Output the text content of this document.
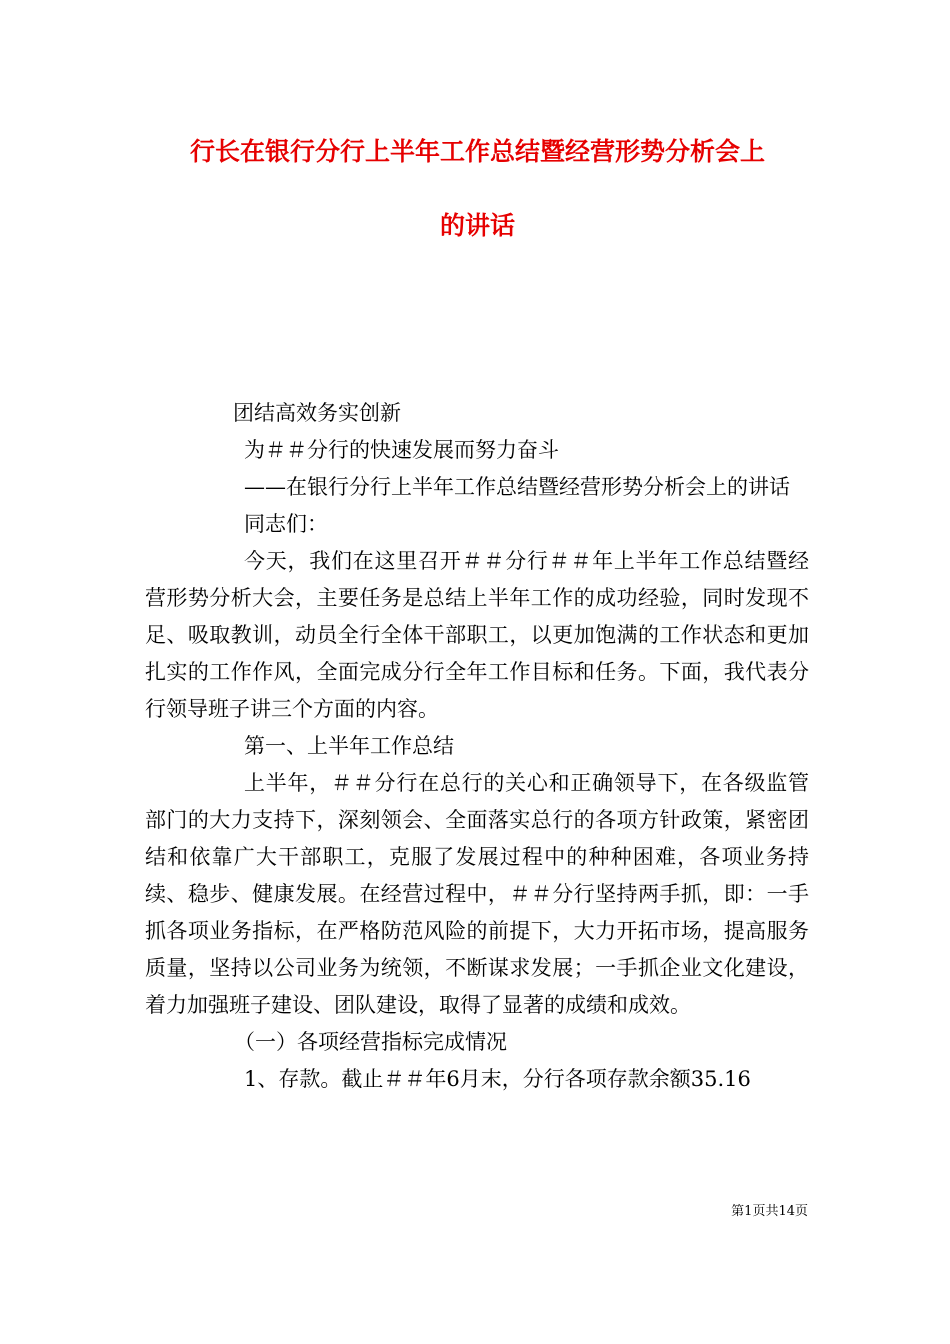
行长在银行分行上半年工作总结暨经营形势分析会上
的讲话

团结高效务实创新

为＃＃分行的快速发展而努力奋斗

——在银行分行上半年工作总结暨经营形势分析会上的讲话

同志们：

今天，我们在这里召开＃＃分行＃＃年上半年工作总结暨经营形势分析大会，主要任务是总结上半年工作的成功经验，同时发现不足、吸取教训，动员全行全体干部职工，以更加饱满的工作状态和更加扎实的工作作风，全面完成分行全年工作目标和任务。下面，我代表分行领导班子讲三个方面的内容。

第一、上半年工作总结

上半年，＃＃分行在总行的关心和正确领导下，在各级监管部门的大力支持下，深刻领会、全面落实总行的各项方针政策，紧密团结和依靠广大干部职工，克服了发展过程中的种种困难，各项业务持续、稳步、健康发展。在经营过程中，＃＃分行坚持两手抓，即：一手抓各项业务指标，在严格防范风险的前提下，大力开拓市场，提高服务质量，坚持以公司业务为统领，不断谋求发展；一手抓企业文化建设，着力加强班子建设、团队建设，取得了显著的成绩和成效。

（一）各项经营指标完成情况

1、存款。截止＃＃年6月末，分行各项存款余额35.16

第1页共14页
